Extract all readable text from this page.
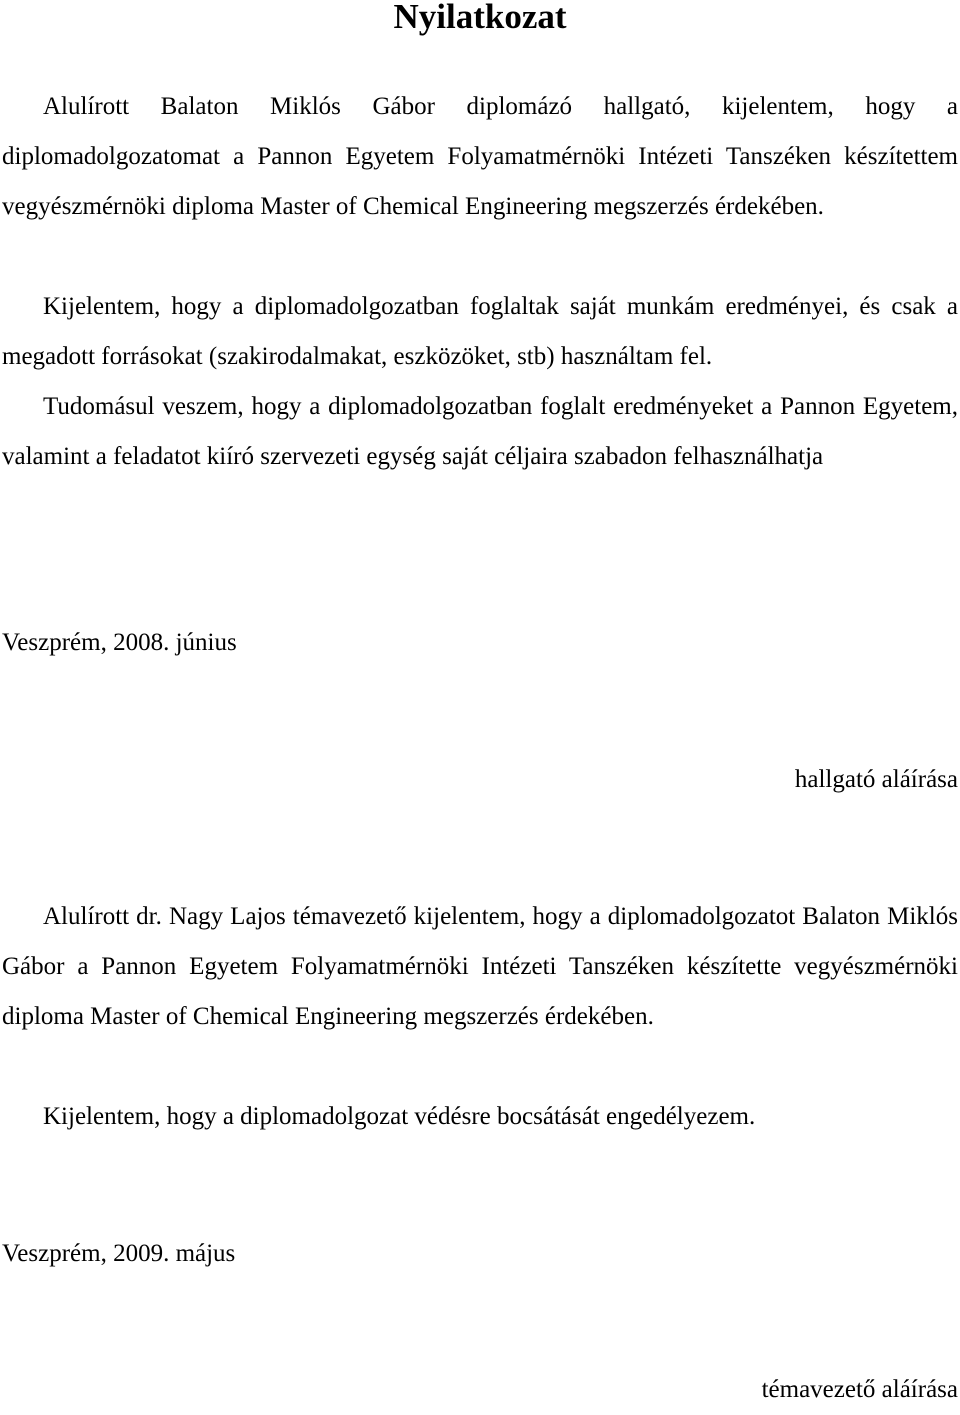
Nyilatkozat

Alulírott Balaton Miklós Gábor diplomázó hallgató, kijelentem, hogy a diplomadolgozatomat a Pannon Egyetem Folyamatmérnöki Intézeti Tanszéken készítettem vegyészmérnöki diploma Master of Chemical Engineering megszerzés érdekében.

Kijelentem, hogy a diplomadolgozatban foglaltak saját munkám eredményei, és csak a megadott forrásokat (szakirodalmakat, eszközöket, stb) használtam fel.

Tudomásul veszem, hogy a diplomadolgozatban foglalt eredményeket a Pannon Egyetem, valamint a feladatot kiíró szervezeti egység saját céljaira szabadon felhasználhatja

Veszprém, 2008. június

hallgató aláírása

Alulírott dr. Nagy Lajos témavezető kijelentem, hogy a diplomadolgozatot Balaton Miklós Gábor a Pannon Egyetem Folyamatmérnöki Intézeti Tanszéken készítette vegyészmérnöki diploma Master of Chemical Engineering megszerzés érdekében.

Kijelentem, hogy a diplomadolgozat védésre bocsátását engedélyezem.

Veszprém, 2009. május

témavezető aláírása
